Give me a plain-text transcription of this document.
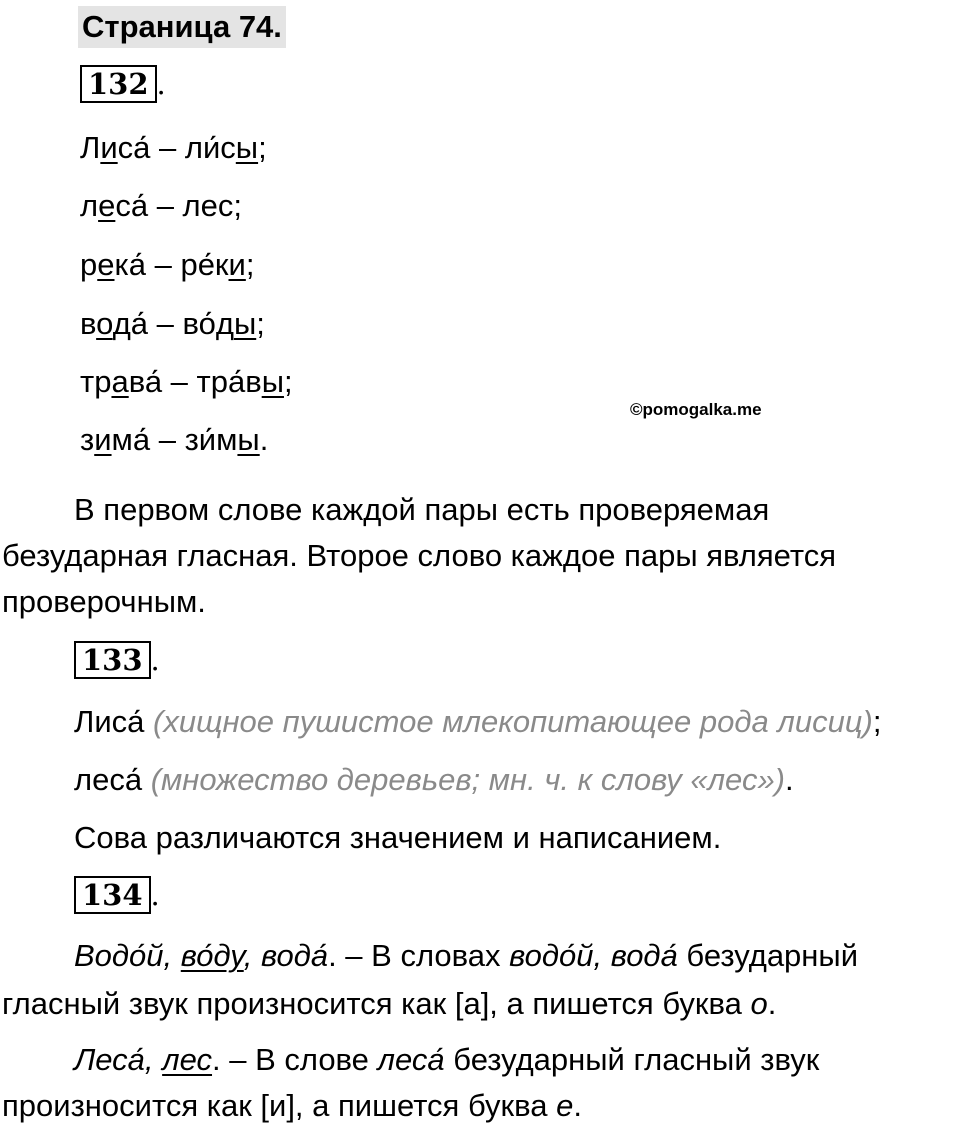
Страница 74.
132 .
Лиса́ – ли́сы;
леса́ – лес;
река́ – ре́ки;
вода́ – во́ды;
трава́ – тра́вы;
зима́ – зи́мы.
©pomogalka.me
В первом слове каждой пары есть проверяемая
безударная гласная. Второе слово каждое пары является
проверочным.
133 .
Лиса́ (хищное пушистое млекопитающее рода лисиц);
леса́ (множество деревьев; мн. ч. к слову «лес»).
Сова различаются значением и написанием.
134 .
Водо́й, во́ду, вода́. – В словах водо́й, вода́ безударный
гласный звук произносится как [а], а пишется буква о.
Леса́, лес. – В слове леса́ безударный гласный звук
произносится как [и], а пишется буква е.
